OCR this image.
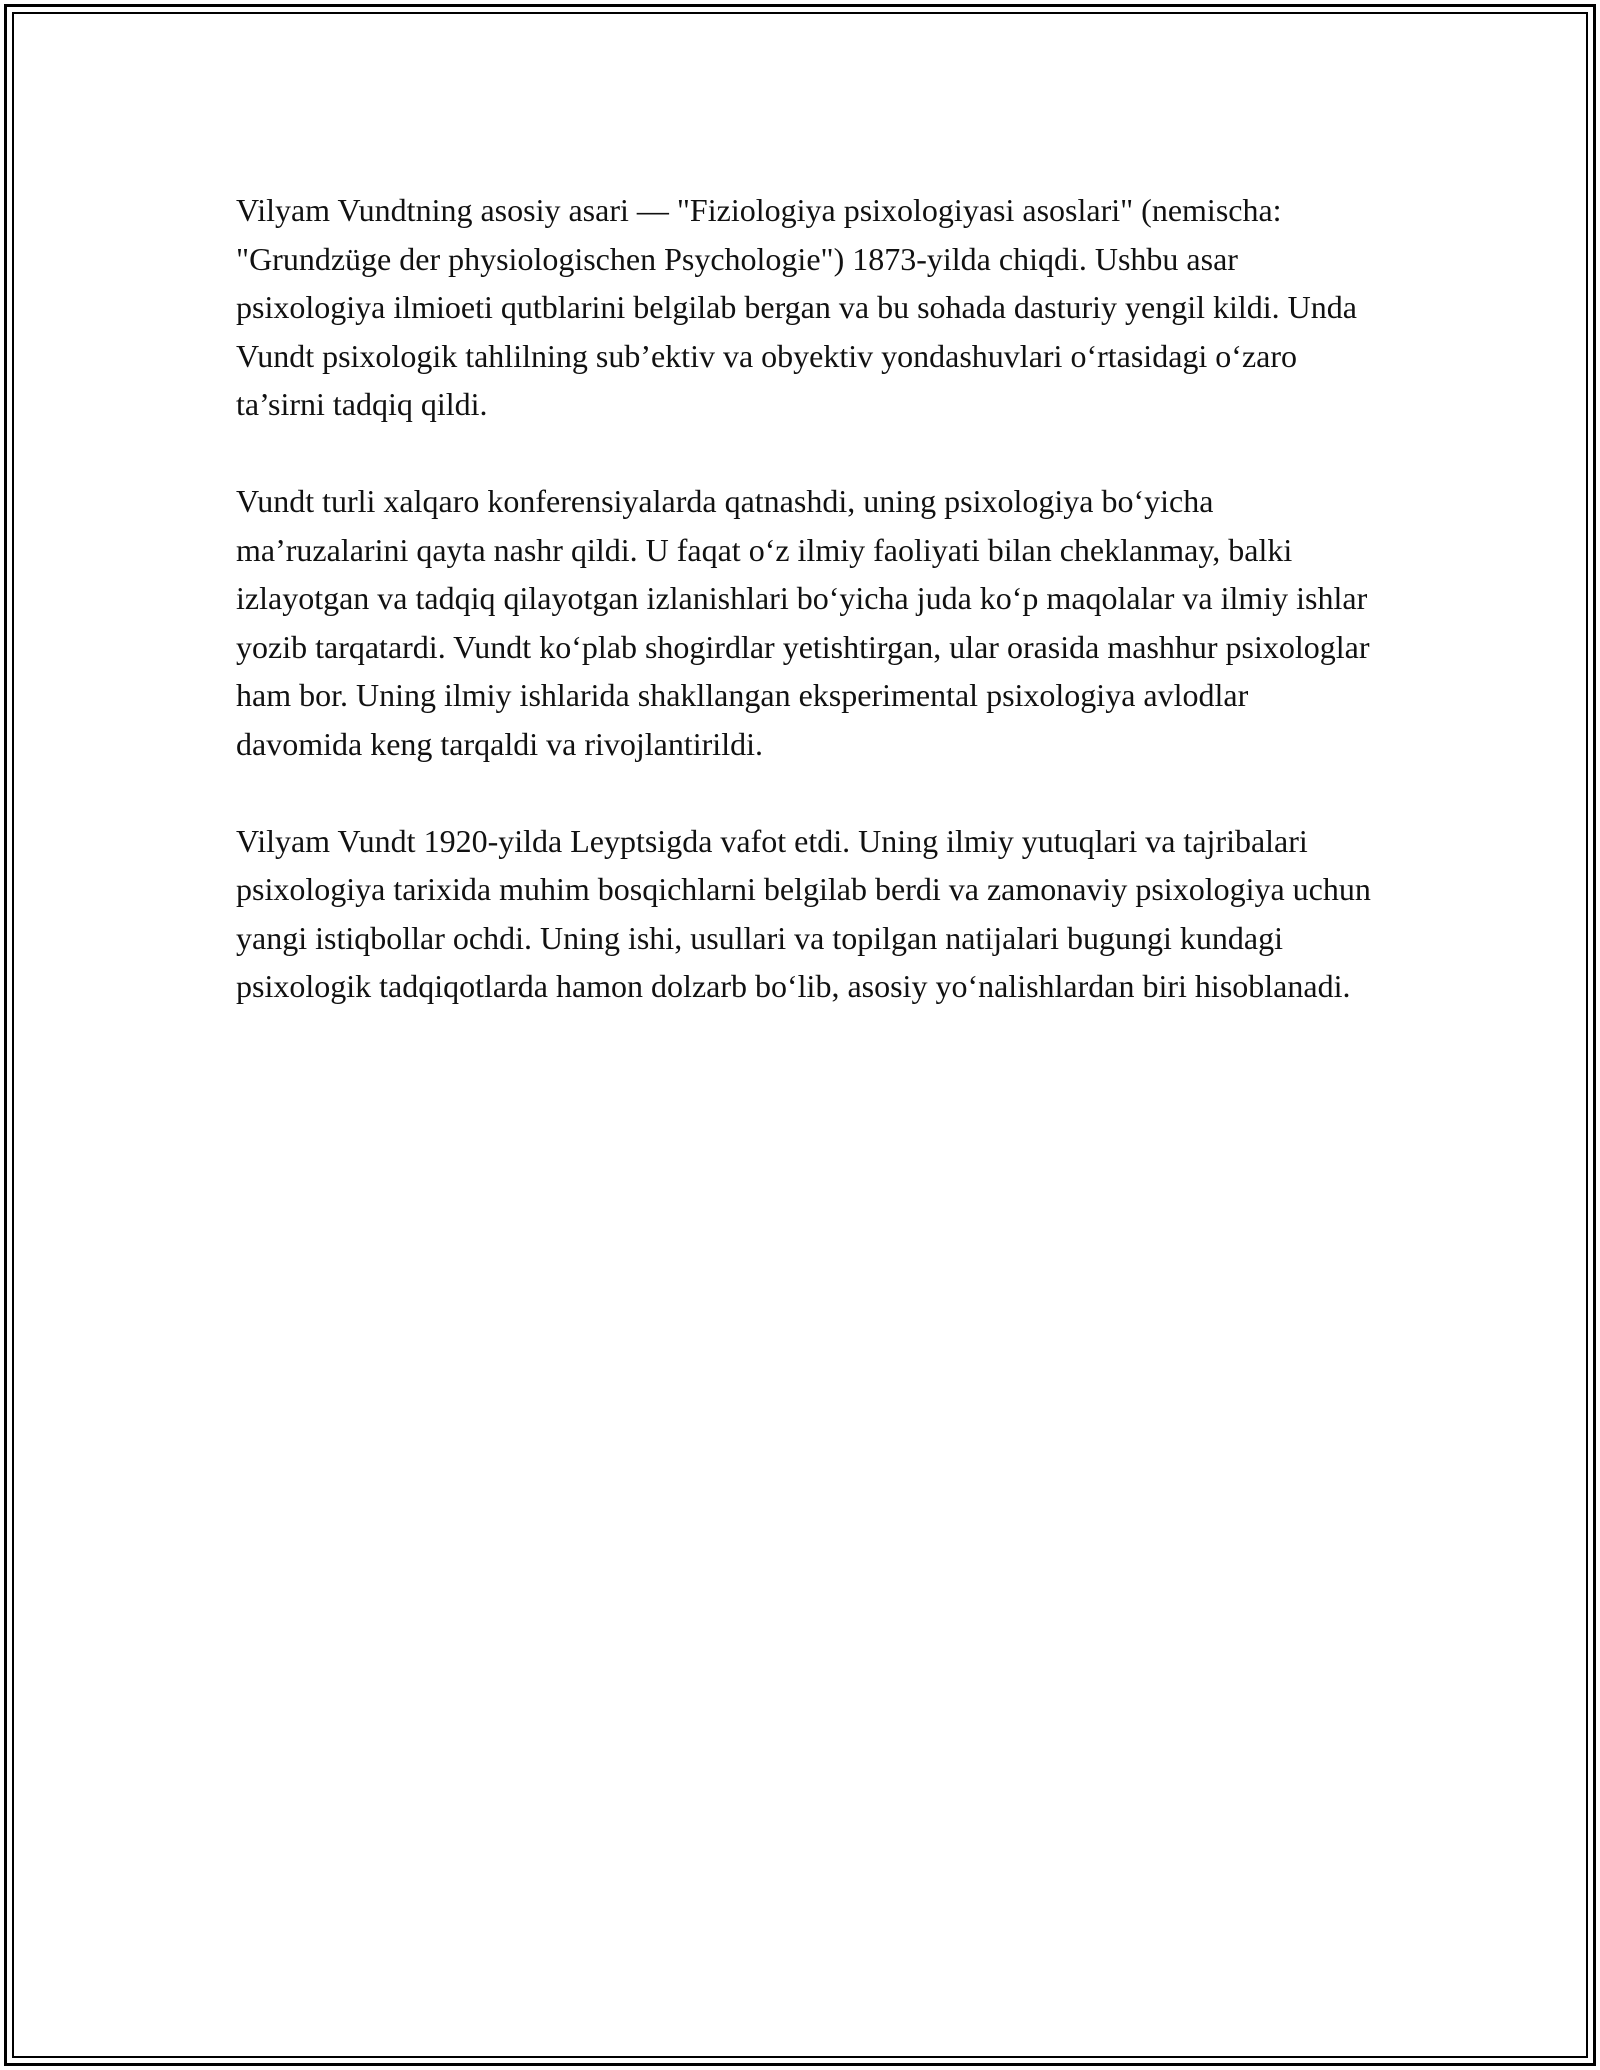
Vilyam Vundtning asosiy asari — "Fiziologiya psixologiyasi asoslari" (nemischa: "Grundzüge der physiologischen Psychologie") 1873-yilda chiqdi. Ushbu asar psixologiya ilmioeti qutblarini belgilab bergan va bu sohada dasturiy yengil kildi. Unda Vundt psixologik tahlilning sub’ektiv va obyektiv yondashuvlari o‘rtasidagi o‘zaro ta’sirni tadqiq qildi.

Vundt turli xalqaro konferensiyalarda qatnashdi, uning psixologiya bo‘yicha ma’ruzalarini qayta nashr qildi. U faqat o‘z ilmiy faoliyati bilan cheklanmay, balki izlayotgan va tadqiq qilayotgan izlanishlari bo‘yicha juda ko‘p maqolalar va ilmiy ishlar yozib tarqatardi. Vundt ko‘plab shogirdlar yetishtirgan, ular orasida mashhur psixologlar ham bor. Uning ilmiy ishlarida shakllangan eksperimental psixologiya avlodlar davomida keng tarqaldi va rivojlantirildi.

Vilyam Vundt 1920-yilda Leyptsigda vafot etdi. Uning ilmiy yutuqlari va tajribalari psixologiya tarixida muhim bosqichlarni belgilab berdi va zamonaviy psixologiya uchun yangi istiqbollar ochdi. Uning ishi, usullari va topilgan natijalari bugungi kundagi psixologik tadqiqotlarda hamon dolzarb bo‘lib, asosiy yo‘nalishlardan biri hisoblanadi.
